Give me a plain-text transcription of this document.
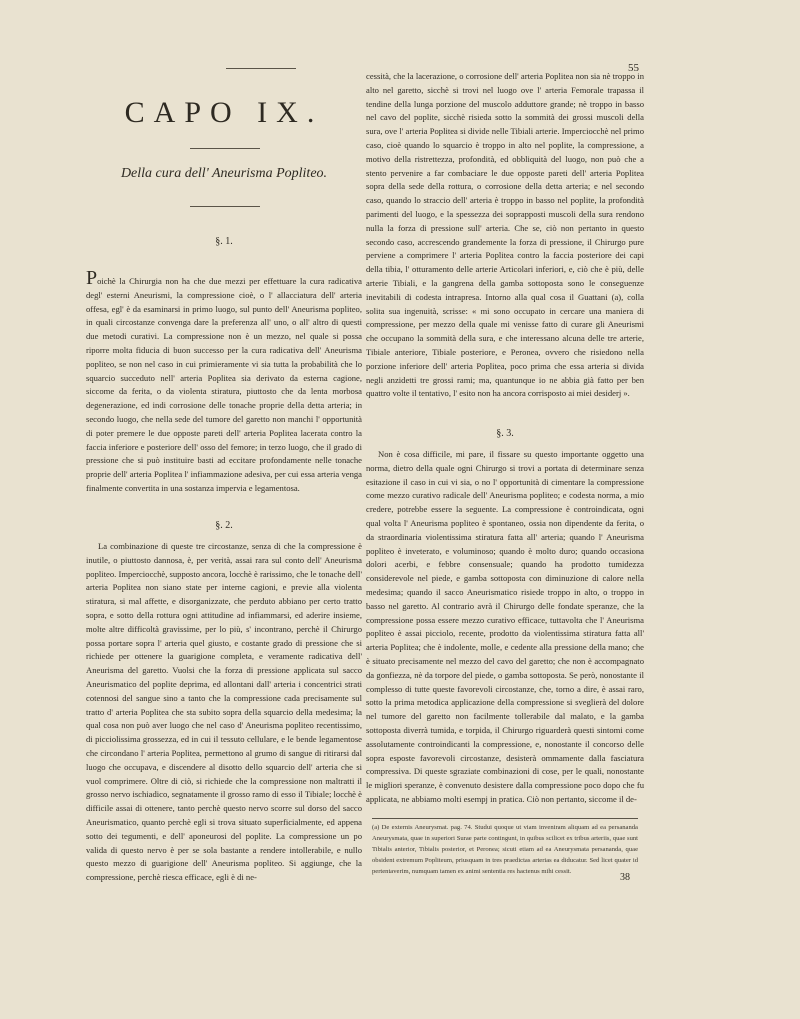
55
CAPO IX.
Della cura dell' Aneurisma Popliteo.
§. 1.

Poichè la Chirurgia non ha che due mezzi per effettuare la cura radicativa degl' esterni Aneurismi, la compressione cioè, o l' allacciatura dell' arteria offesa, egl' è da esaminarsi in primo luogo, sul punto dell' Aneurisma popliteo, in quali circostanze convenga dare la preferenza all' uno, o all' altro di questi due metodi curativi. La compressione non è un mezzo, nel quale si possa riporre molta fiducia di buon successo per la cura radicativa dell' Aneurisma popliteo, se non nel caso in cui primieramente vi sia tutta la probabilità che lo squarcio succeduto nell' arteria Poplitea sia derivato da esterna cagione, siccome da ferita, o da violenta stiratura, piuttosto che da lenta morbosa degenerazione, ed indi corrosione delle tonache proprie della detta arteria; in secondo luogo, che nella sede del tumore del garetto non manchi l' opportunità di poter premere le due opposte pareti dell' arteria Poplitea lacerata contro la faccia inferiore e posteriore dell' osso del femore; in terzo luogo, che il grado di pressione che si può instituire basti ad eccitare profondamente nelle tonache proprie dell' arteria Poplitea l' infiammazione adesiva, per cui essa arteria venga finalmente convertita in una sostanza imperviа e legamentosa.

§. 2.

La combinazione di queste tre circostanze, senza di che la compressione è inutile, o piuttosto dannosa, è, per verità, assai rara sul conto dell' Aneurisma popliteo. Imperciocchè, supposto ancora, locchè è rarissimo, che le tonache dell' arteria Poplitea non siano state per interne cagioni, e previe alla violenta stiratura, si mal affette, e disorganizzate, che perduto abbiano per certo tratto sopra, e sotto della rottura ogni attitudine ad infiammarsi, ed aderire insieme, molte altre difficoltà gravissime, per lo più, s' incontrano, perchè il Chirurgo possa portare sopra l' arteria quel giusto, e costante grado di pressione che si richiede per ottenere la guarigione completa, e veramente radicativa dell' Aneurisma del garetto. Vuolsi che la forza di pressione applicata sul sacco Aneurismatico del poplite deprima, ed allontani dall' arteria i concentrici strati cotennosi del sangue sino a tanto che la compressione cada precisamente sul tratto d' arteria Poplitea che sta subito sopra della squarcio della medesima; la qual cosa non può aver luogo che nel caso d' Aneurisma popliteo recentissimo, di picciolissima grossezza, ed in cui il tessuto cellulare, e le bende legamentose che circondano l' arteria Poplitea, permettono al grumo di sangue di ritirarsi dal luogo che occupava, e discendere al disotto dello squarcio dell' arteria che si vuol comprimere. Oltre di ciò, si richiede che la compressione non maltratti il grosso nervo ischiadico, segnatamente il grosso ramo di esso il Tibiale; locchè è difficile assai di ottenere, tanto perchè questo nervo scorre sul dorso del sacco Aneurismatico, quanto perchè egli si trova situato superficialmente, ed appena sotto dei tegumenti, e dell' aponeurosi del poplite. La compressione un po valida di questo nervo è per se sola bastante a rendere intollerabile, e nullo questo mezzo di guarigione dell' Aneurisma popliteo. Si aggiunge, che la compressione, perchè riesca efficace, egli è di ne-

cessità, che la lacerazione, o corrosione dell' arteria Poplitea non sia nè troppo in alto nel garetto, sicchè si trovi nel luogo ove l' arteria Femorale trapassa il tendine della lunga porzione del muscolo adduttore grande; nè troppo in basso nel cavo del poplite, sicchè risieda sotto la sommità dei grossi muscoli della sura, ove l' arteria Poplitea si divide nelle Tibiali arterie. Imperciocchè nel primo caso, cioè quando lo squarcio è troppo in alto nel poplite, la compressione, a motivo della ristrettezza, profondità, ed obbliquità del luogo, non può che a stento pervenire a far combaciare le due opposte pareti dell' arteria Poplitea sopra della sede della rottura, o corrosione della detta arteria; e nel secondo caso, quando lo straccio dell' arteria è troppo in basso nel poplite, la profondità parimenti del luogo, e la spessezza dei soprapposti muscoli della sura rendono nulla la forza di pressione sull' arteria. Che se, ciò non pertanto in questo secondo caso, accrescendo grandemente la forza di pressione, il Chirurgo pure perviene a comprimere l' arteria Poplitea contro la faccia posteriore dei capi della tibia, l' otturamento delle arterie Articolari inferiori, e, ciò che è più, delle arterie Tibiali, e la gangrena della gamba sottoposta sono le conseguenze inevitabili di codesta intrapresa. Intorno alla qual cosa il Guattani (a), colla solita sua ingenuità, scrisse: « mi sono occupato in cercare una maniera di compressione, per mezzo della quale mi venisse fatto di curare gli Aneurismi che occupano la sommità della sura, e che interessano alcuna delle tre arterie, Tibiale anteriore, Tibiale posteriore, e Peronea, ovvero che risiedono nella porzione inferiore dell' arteria Poplitea, poco prima che essa arteria si divida negli anzidetti tre grossi rami; ma, quantunque io ne abbia già fatto per ben quattro volte il tentativo, l' esito non ha ancora corrisposto ai miei desiderj ».

§. 3.

Non è cosa difficile, mi pare, il fissare su questo importante oggetto una norma, dietro della quale ogni Chirurgo si trovi a portata di determinare senza esitazione il caso in cui vi sia, o no l' opportunità di cimentare la compressione come mezzo curativo radicale dell' Aneurisma popliteo; e codesta norma, a mio credere, potrebbe essere la seguente. La compressione è controindicata, ogni qual volta l' Aneurisma popliteo è spontaneo, ossia non dipendente da ferita, o da straordinaria violentissima stiratura fatta all' arteria; quando l' Aneurisma popliteo è inveterato, e voluminoso; quando è molto duro; quando occasiona dolori acerbi, e febbre consensuale; quando ha prodotto tumidezza considerevole nel piede, e gamba sottoposta con diminuzione di calore nella medesima; quando il sacco Aneurismatico risiede troppo in alto, o troppo in basso nel garetto. Al contrario avrà il Chirurgo delle fondate speranze, che la compressione possa essere mezzo curativo efficace, tuttavolta che l' Aneurisma popliteo è assai picciolo, recente, prodotto da violentissima stiratura fatta all' arteria Poplitea; che è indolente, molle, e cedente alla pressione della mano; che è situato precisamente nel mezzo del cavo del garetto; che non è accompagnato da gonfiezza, nè da torpore del piede, o gamba sottoposta. Se però, nonostante il complesso di tutte queste favorevoli circostanze, che, torno a dire, è assai raro, sotto la prima metodica applicazione della compressione si sveglierà del dolore nel tumore del garetto non facilmente tollerabile dal malato, e la gamba sottoposta diverrà tumida, e torpida, il Chirurgo riguarderà questi sintomi come assolutamente controindicanti la compressione, e, nonostante il concorso delle sopra esposte favorevoli circostanze, desisterà ommamente dalla fasciatura compressiva. Di queste sgraziate combinazioni di cose, per le quali, nonostante le migliori speranze, è convenuto desistere dalla compressione poco dopo che fu applicata, ne abbiamo molti esempj in pratica. Ciò non pertanto, siccome il de-

(a) De externis Aneurysmat. pag. 74. Studui quoque ut viam inveniram aliquam ad ea persananda Aneurysmata, quae in superiori Surae parte contingunt, in quibus scilicet ex tribus arteriis, quae sunt Tibialis anterior, Tibialis posterior, et Peronea; sicuti etiam ad ea Aneurysmata persananda, quae obsident extremum Popliteum, priusquam in tres praedictas arterias ea diducatur. Sed licet quater id pertentaverim, numquam tamen ex animi sententia res hactenus mihi cessit.
38
